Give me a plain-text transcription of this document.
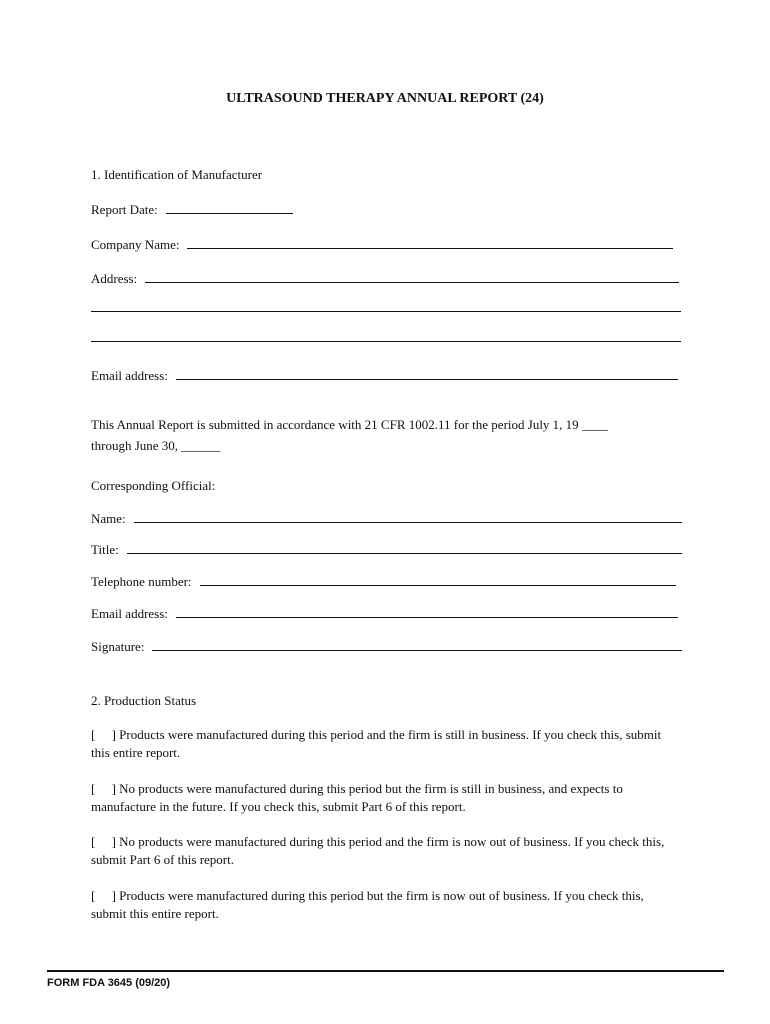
ULTRASOUND THERAPY ANNUAL REPORT (24)
1. Identification of Manufacturer
Report Date:
Company Name:
Address:
Email address:
This Annual Report is submitted in accordance with 21 CFR 1002.11 for the period July 1, 19 ____
through June 30, ______
Corresponding Official:
Name:
Title:
Telephone number:
Email address:
Signature:
2. Production Status
[     ] Products were manufactured during this period and the firm is still in business. If you check this, submit this entire report.
[     ] No products were manufactured during this period but the firm is still in business, and expects to manufacture in the future. If you check this, submit Part 6 of this report.
[     ] No products were manufactured during this period and the firm is now out of business. If you check this, submit Part 6 of this report.
[     ] Products were manufactured during this period but the firm is now out of business. If you check this, submit this entire report.
FORM FDA 3645 (09/20)
